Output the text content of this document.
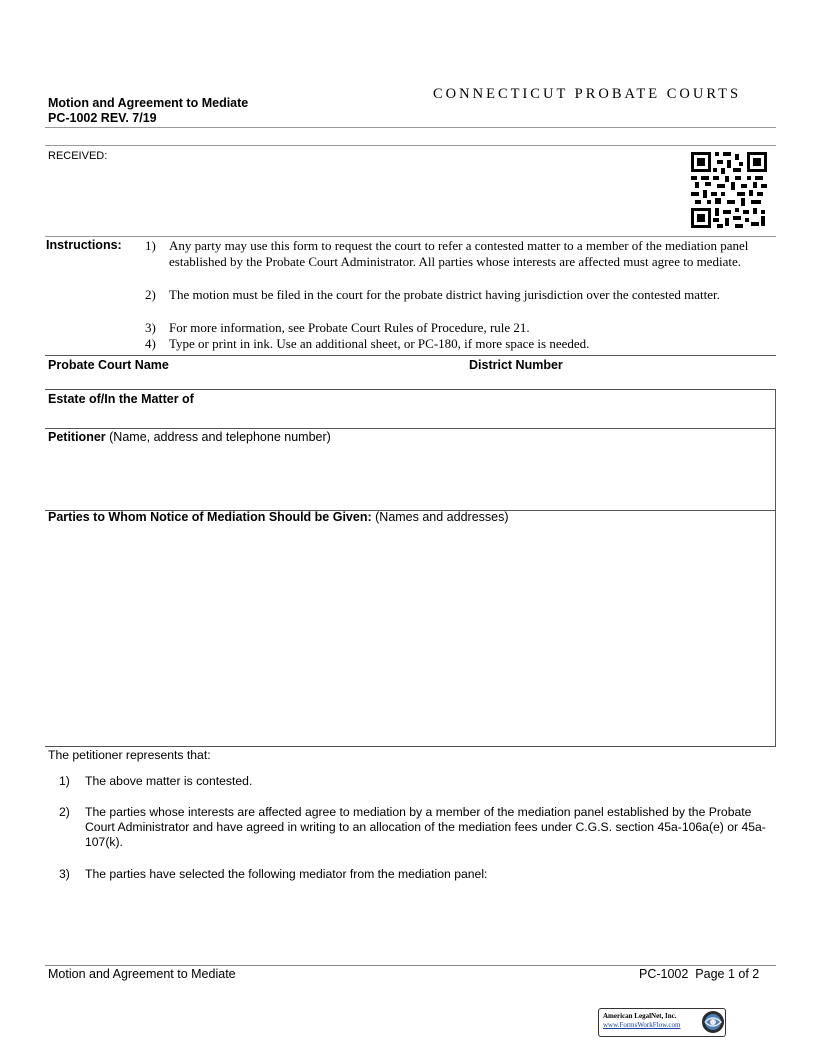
CONNECTICUT PROBATE COURTS
Motion and Agreement to Mediate
PC-1002 REV. 7/19
RECEIVED:
Instructions: 1)	Any party may use this form to request the court to refer a contested matter to a member of the mediation panel established by the Probate Court Administrator. All parties whose interests are affected must agree to mediate.
2)	The motion must be filed in the court for the probate district having jurisdiction over the contested matter.
3)	For more information, see Probate Court Rules of Procedure, rule 21.
4)	Type or print in ink. Use an additional sheet, or PC-180, if more space is needed.
Probate Court Name	District Number
Estate of/In the Matter of
Petitioner (Name, address and telephone number)
Parties to Whom Notice of Mediation Should be Given: (Names and addresses)
The petitioner represents that:
1) The above matter is contested.
2) The parties whose interests are affected agree to mediation by a member of the mediation panel established by the Probate Court Administrator and have agreed in writing to an allocation of the mediation fees under C.G.S. section 45a-106a(e) or 45a-107(k).
3) The parties have selected the following mediator from the mediation panel:
Motion and Agreement to Mediate	PC-1002  Page 1 of 2
American LegalNet, Inc.
www.FormsWorkFlow.com
